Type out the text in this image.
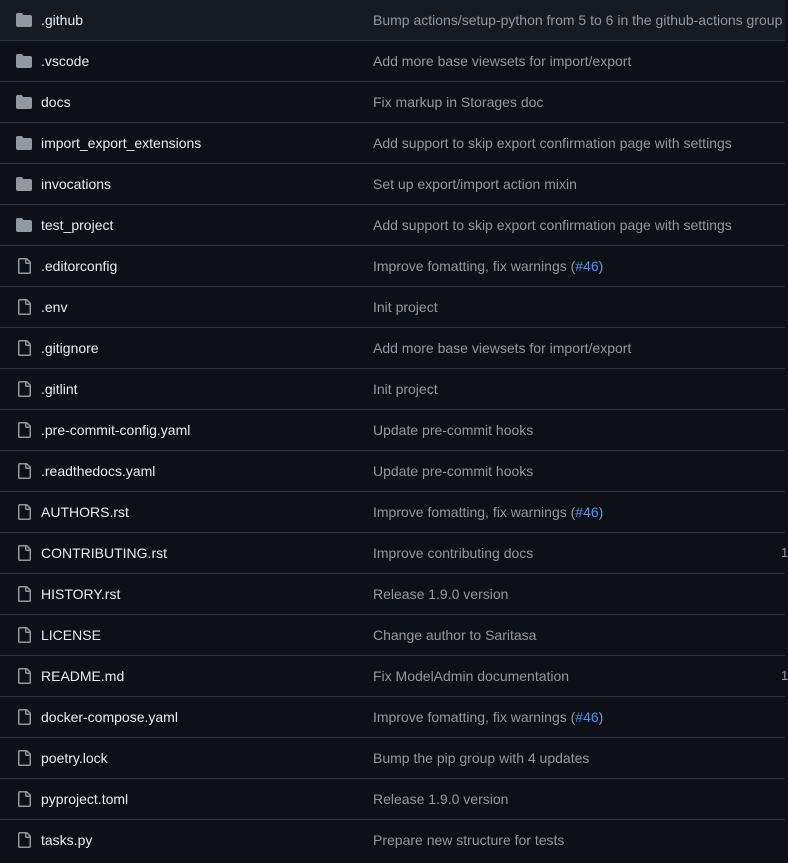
.github	Bump actions/setup-python from 5 to 6 in the github-actions group
.vscode	Add more base viewsets for import/export
docs	Fix markup in Storages doc
import_export_extensions	Add support to skip export confirmation page with settings
invocations	Set up export/import action mixin
test_project	Add support to skip export confirmation page with settings
.editorconfig	Improve fomatting, fix warnings (#46)
.env	Init project
.gitignore	Add more base viewsets for import/export
.gitlint	Init project
.pre-commit-config.yaml	Update pre-commit hooks
.readthedocs.yaml	Update pre-commit hooks
AUTHORS.rst	Improve fomatting, fix warnings (#46)
CONTRIBUTING.rst	Improve contributing docs	1
HISTORY.rst	Release 1.9.0 version
LICENSE	Change author to Saritasa
README.md	Fix ModelAdmin documentation	1
docker-compose.yaml	Improve fomatting, fix warnings (#46)
poetry.lock	Bump the pip group with 4 updates
pyproject.toml	Release 1.9.0 version
tasks.py	Prepare new structure for tests
